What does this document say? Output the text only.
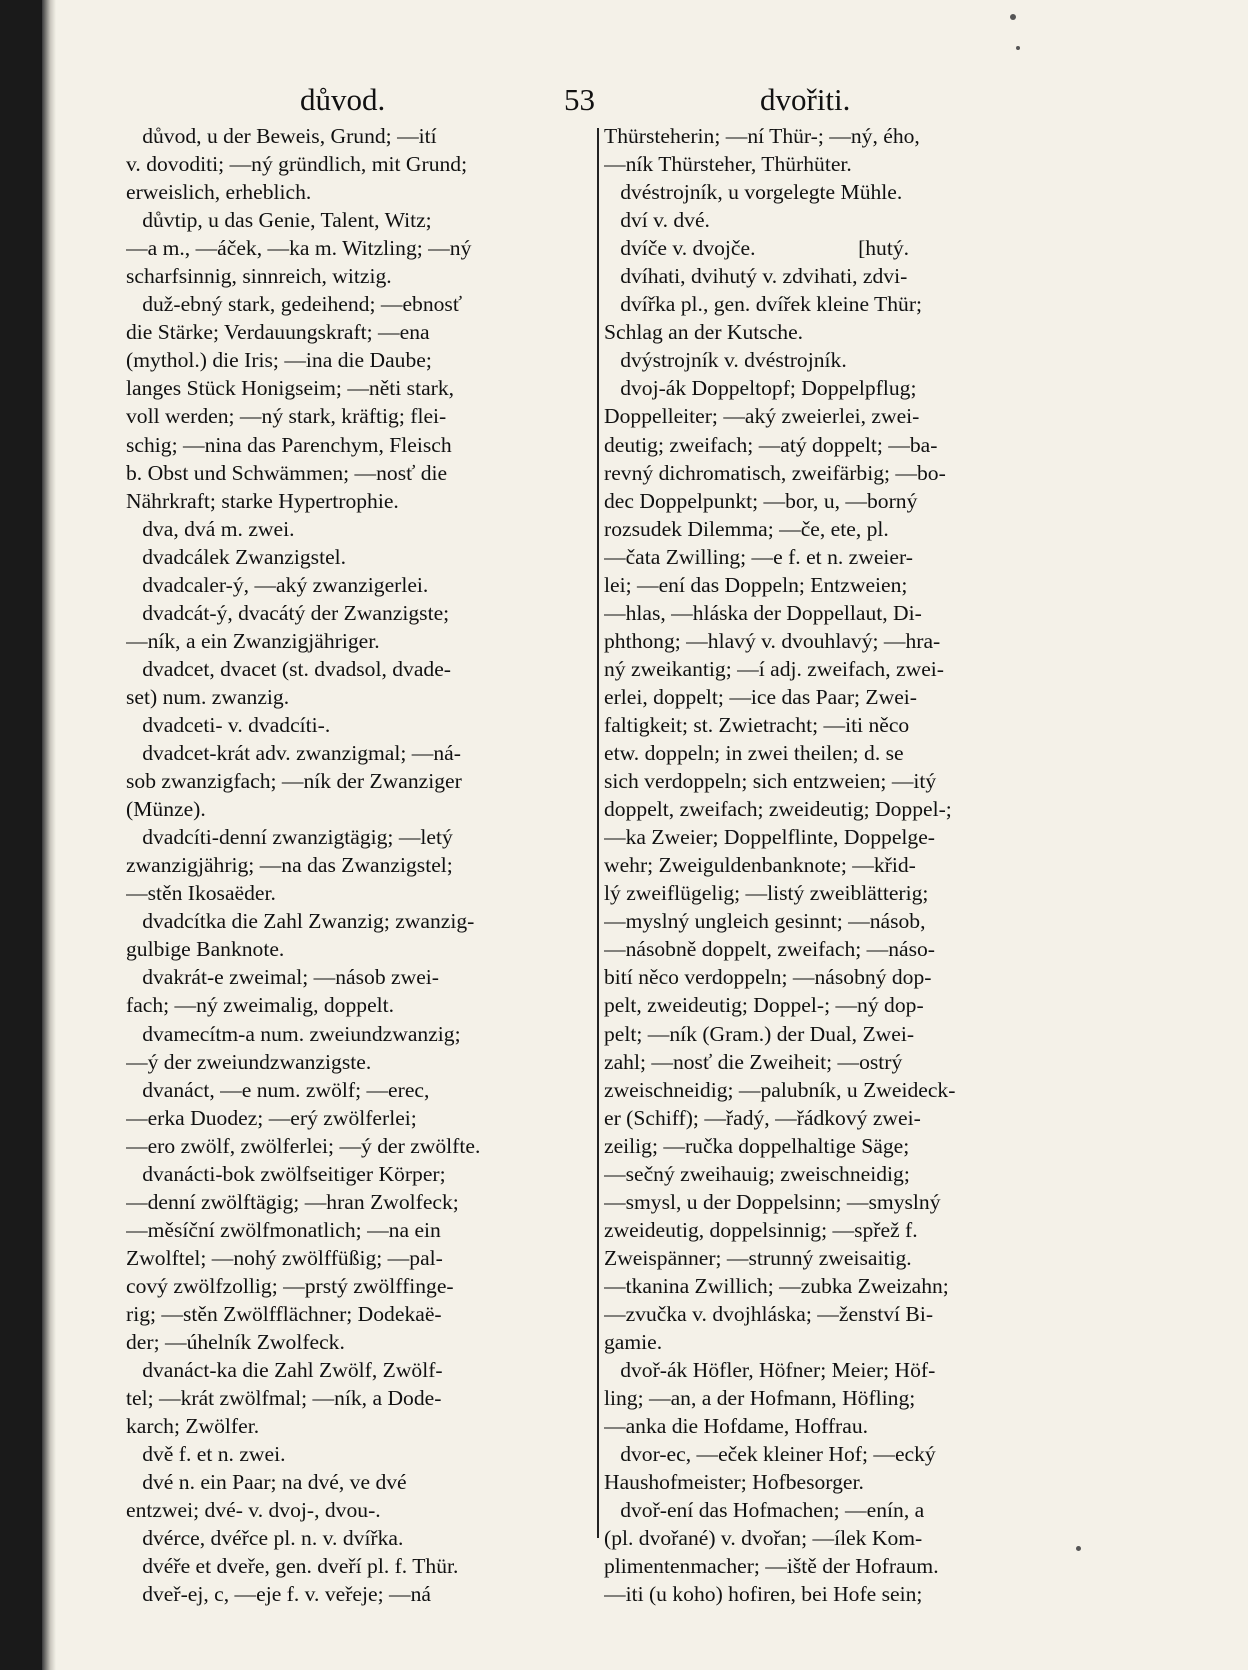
důvod.	53	dvořiti.
důvod, u der Beweis, Grund; —ití
v. dovoditi; —ný gründlich, mit Grund;
erweislich, erheblich.
důvtip, u das Genie, Talent, Witz;
—a m., —áček, —ka m. Witzling; —ný
scharfsinnig, sinnreich, witzig.
duž-ebný stark, gedeihend; —ebnosť
die Stärke; Verdauungskraft; —ena
(mythol.) die Iris; —ina die Daube;
langes Stück Honigseim; —něti stark,
voll werden; —ný stark, kräftig; flei-
schig; —nina das Parenchym, Fleisch
b. Obst und Schwämmen; —nosť die
Nährkraft; starke Hypertrophie.
dva, dvá m. zwei.
dvadcálek Zwanzigstel.
dvadcaler-ý, —aký zwanzigerlei.
dvadcát-ý, dvacátý der Zwanzigste;
—ník, a ein Zwanzigjähriger.
dvadcet, dvacet (st. dvadsol, dvade-
set) num. zwanzig.
dvadceti- v. dvadcíti-.
dvadcet-krát adv. zwanzigmal; —ná-
sob zwanzigfach; —ník der Zwanziger
(Münze).
dvadcíti-denní zwanzigtägig; —letý
zwanzigjährig; —na das Zwanzigstel;
—stěn Ikosaëder.
dvadcítka die Zahl Zwanzig; zwanzig-
gulbige Banknote.
dvakrát-e zweimal; —násob zwei-
fach; —ný zweimalig, doppelt.
dvamecítm-a num. zweiundzwanzig;
—ý der zweiundzwanzigste.
dvanáct, —e num. zwölf; —erec,
—erka Duodez; —erý zwölferlei;
—ero zwölf, zwölferlei; —ý der zwölfte.
dvanácti-bok zwölfseitiger Körper;
—denní zwölftägig; —hran Zwolfeck;
—měsíční zwölfmonatlich; —na ein
Zwolftel; —nohý zwölffüßig; —pal-
cový zwölfzollig; —prstý zwölffinge-
rig; —stěn Zwölfflächner; Dodekaë-
der; —úhelník Zwolfeck.
dvanáct-ka die Zahl Zwölf, Zwölf-
tel; —krát zwölfmal; —ník, a Dode-
karch; Zwölfer.
dvě f. et n. zwei.
dvé n. ein Paar; na dvé, ve dvé
entzwei; dvé- v. dvoj-, dvou-.
dvérce, dvéřce pl. n. v. dvířka.
dvéře et dveře, gen. dveří pl. f. Thür.
dveř-ej, c, —eje f. v. veřeje; —ná
Thürsteherin; —ní Thür-; —ný, ého,
—ník Thürsteher, Thürhüter.
dvéstrojník, u vorgelegte Mühle.
dví v. dvé.
dvíče v. dvojče.                   [hutý.
dvíhati, dvihutý v. zdvihati, zdvi-
dvířka pl., gen. dvířek kleine Thür;
Schlag an der Kutsche.
dvýstrojník v. dvéstrojník.
dvoj-ák Doppeltopf; Doppelpflug;
Doppelleiter; —aký zweierlei, zwei-
deutig; zweifach; —atý doppelt; —ba-
revný dichromatisch, zweifärbig; —bo-
dec Doppelpunkt; —bor, u, —borný
rozsudek Dilemma; —če, ete, pl.
—čata Zwilling; —e f. et n. zweier-
lei; —ení das Doppeln; Entzweien;
—hlas, —hláska der Doppellaut, Di-
phthong; —hlavý v. dvouhlavý; —hra-
ný zweikantig; —í adj. zweifach, zwei-
erlei, doppelt; —ice das Paar; Zwei-
faltigkeit; st. Zwietracht; —iti něco
etw. doppeln; in zwei theilen; d. se
sich verdoppeln; sich entzweien; —itý
doppelt, zweifach; zweideutig; Doppel-;
—ka Zweier; Doppelflinte, Doppelge-
wehr; Zweiguldenbanknote; —křid-
lý zweiflügelig; —listý zweiblätterig;
—myslný ungleich gesinnt; —násob,
—násobně doppelt, zweifach; —náso-
bití něco verdoppeln; —násobný dop-
pelt, zweideutig; Doppel-; —ný dop-
pelt; —ník (Gram.) der Dual, Zwei-
zahl; —nosť die Zweiheit; —ostrý
zweischneidig; —palubník, u Zweideck-
er (Schiff); —řadý, —řádkový zwei-
zeilig; —ručka doppelhaltige Säge;
—sečný zweihauig; zweischneidig;
—smysl, u der Doppelsinn; —smyslný
zweideutig, doppelsinnig; —spřež f.
Zweispänner; —strunný zweisaitig.
—tkanina Zwillich; —zubka Zweizahn;
—zvučka v. dvojhláska; —ženství Bi-
gamie.
dvoř-ák Höfler, Höfner; Meier; Höf-
ling; —an, a der Hofmann, Höfling;
—anka die Hofdame, Hoffrau.
dvor-ec, —eček kleiner Hof; —ecký
Haushofmeister; Hofbesorger.
dvoř-ení das Hofmachen; —enín, a
(pl. dvořané) v. dvořan; —ílek Kom-
plimentenmacher; —iště der Hofraum.
—iti (u koho) hofiren, bei Hofe sein;
